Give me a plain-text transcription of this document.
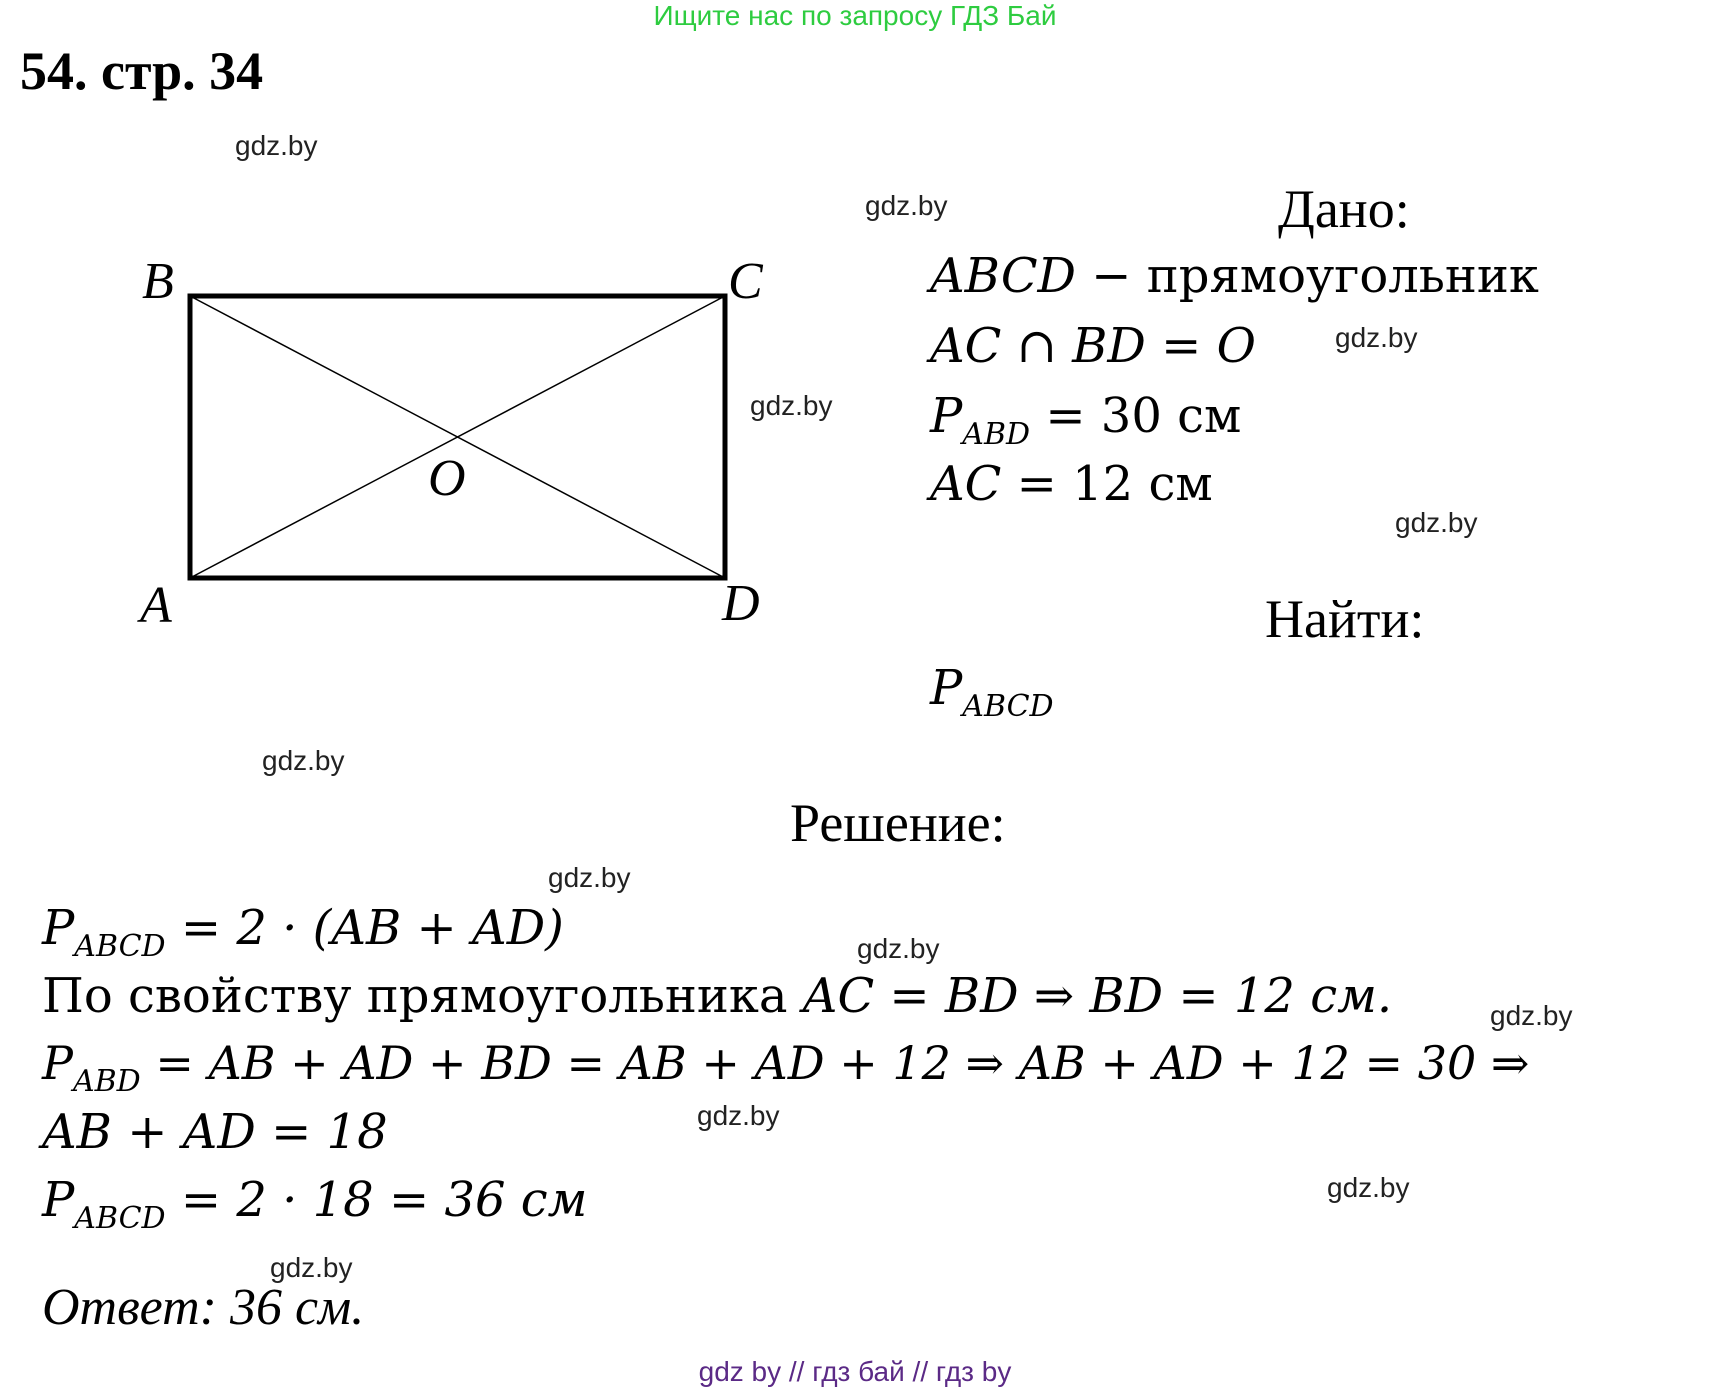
Ищите нас по запросу ГДЗ Бай
54. стр. 34
gdz.by
gdz.by
gdz.by
gdz.by
gdz.by
gdz.by
gdz.by
gdz.by
gdz.by
gdz.by
gdz.by
gdz.by
B	C
A	D
O
Дано:
ABCD − прямоугольник
AC ∩ BD = O
$P_{ABD} = 30$ см
AC = 12 см
Найти:
$P_{ABCD}$
Решение:
$P_{ABCD} = 2 \cdot (AB + AD)$
По свойству прямоугольника AC = BD ⇒ BD = 12 см.
$P_{ABD}$ = AB + AD + BD = AB + AD + 12 ⇒ AB + AD + 12 = 30 ⇒
AB + AD = 18
$P_{ABCD} = 2 \cdot 18 = 36$ см
Ответ: 36 см.
gdz by // гдз бай // гдз by
